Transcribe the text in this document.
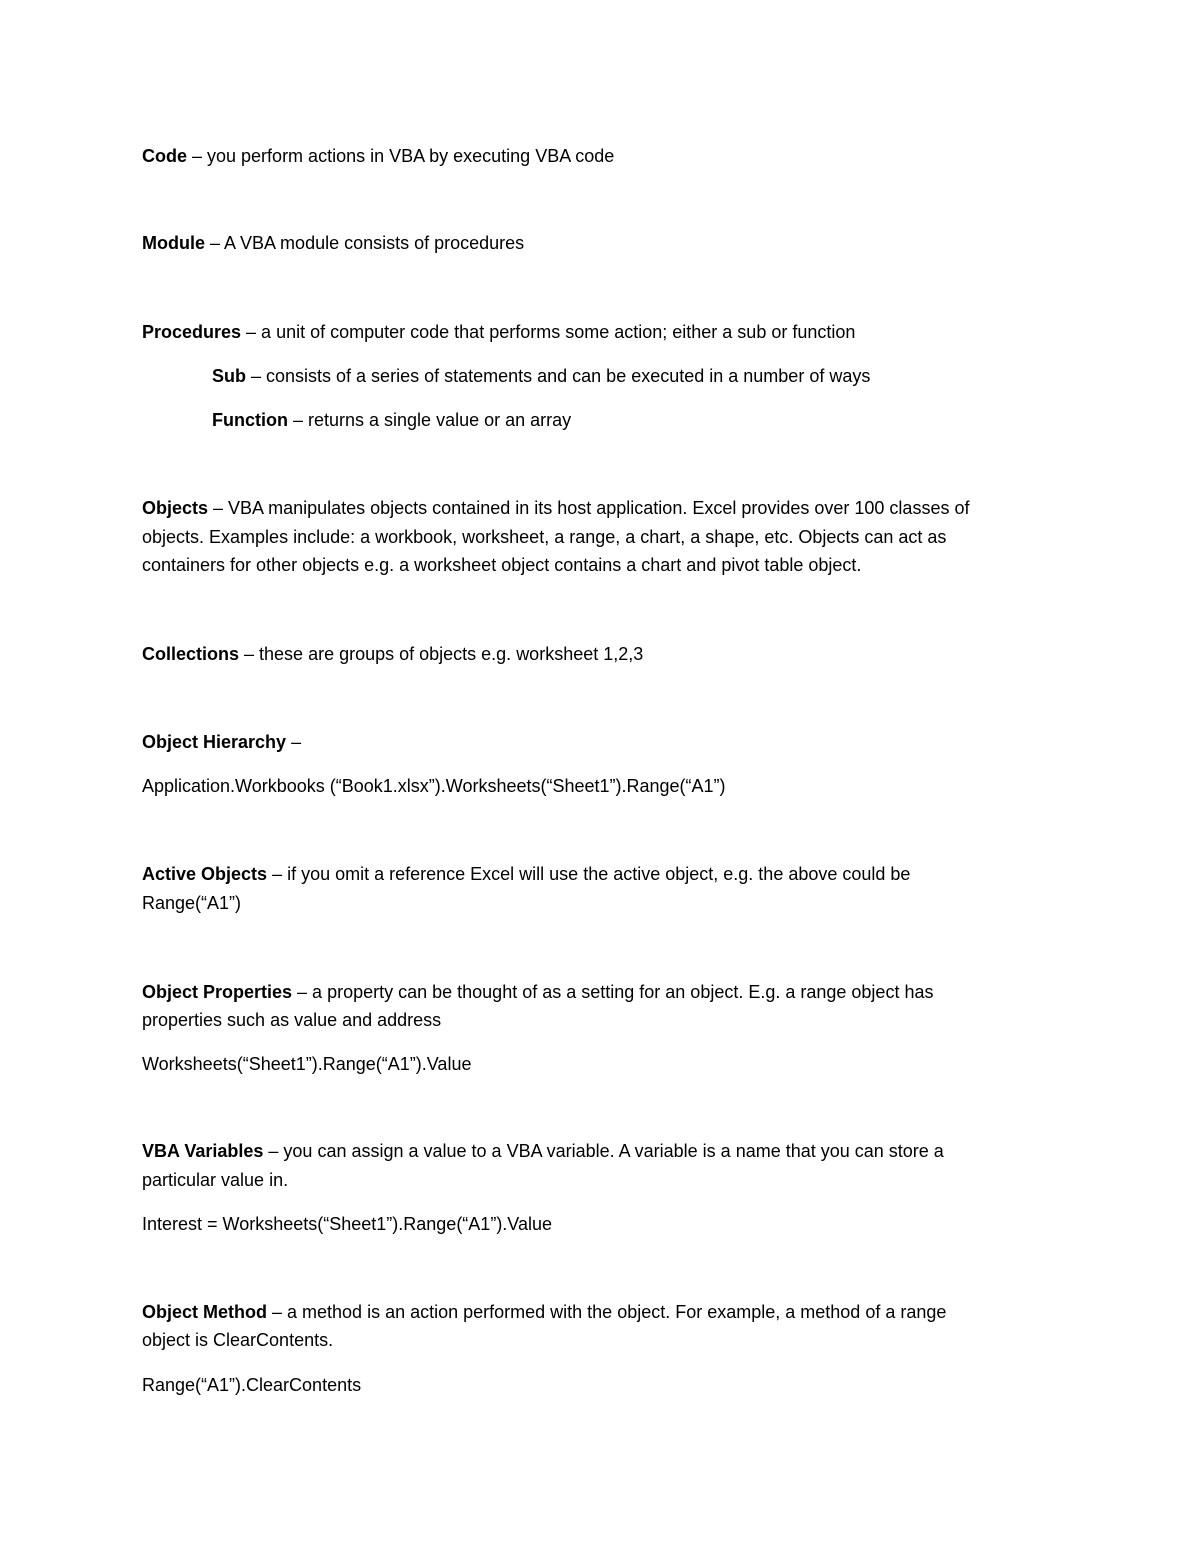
Code – you perform actions in VBA by executing VBA code
Module – A VBA module consists of procedures
Procedures – a unit of computer code that performs some action; either a sub or function
Sub – consists of a series of statements and can be executed in a number of ways
Function – returns a single value or an array
Objects – VBA manipulates objects contained in its host application. Excel provides over 100 classes of
objects. Examples include: a workbook, worksheet, a range, a chart, a shape, etc. Objects can act as
containers for other objects e.g. a worksheet object contains a chart and pivot table object.
Collections – these are groups of objects e.g. worksheet 1,2,3
Object Hierarchy –
Application.Workbooks (“Book1.xlsx”).Worksheets(“Sheet1”).Range(“A1”)
Active Objects – if you omit a reference Excel will use the active object, e.g. the above could be
Range(“A1”)
Object Properties – a property can be thought of as a setting for an object. E.g. a range object has
properties such as value and address
Worksheets(“Sheet1”).Range(“A1”).Value
VBA Variables – you can assign a value to a VBA variable. A variable is a name that you can store a
particular value in.
Interest = Worksheets(“Sheet1”).Range(“A1”).Value
Object Method – a method is an action performed with the object. For example, a method of a range
object is ClearContents.
Range(“A1”).ClearContents
